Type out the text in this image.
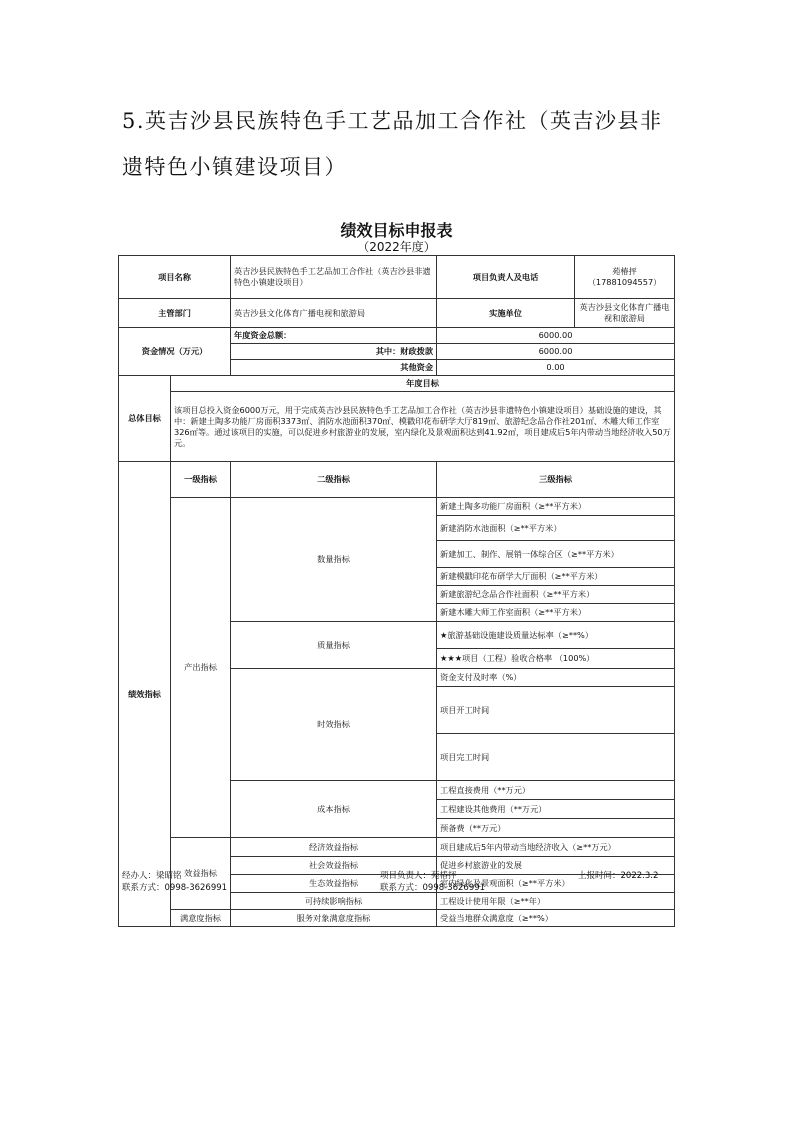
5.英吉沙县民族特色手工艺品加工合作社（英吉沙县非遗特色小镇建设项目）
绩效目标申报表
（2022年度）
项目名称		英吉沙县民族特色手工艺品加工合作社（英吉沙县非遗特色小镇建设项目）	项目负责人及电话	苑椿抨（17881094557）	
主管部门		英吉沙县文化体育广播电视和旅游局	实施单位	英吉沙县文化体育广播电视和旅游局	
资金情况（万元）		年度资金总额：	6000.00		
		其中：财政拨款	6000.00		
		其他资金	0.00		
总体目标	年度目标				
	该项目总投入资金6000万元，用于完成英吉沙县民族特色手工艺品加工合作社（英吉沙县非遗特色小镇建设项目）基础设施的建设，其中：新建土陶多功能厂房面积3373㎡、消防水池面积370㎡、模戳印花布研学大厅819㎡、旅游纪念品合作社201㎡、木雕大师工作室326㎡等。通过该项目的实施，可以促进乡村旅游业的发展，室内绿化及景观面积达到41.92㎡，项目建成后5年内带动当地经济收入50万元。				
绩效指标	一级指标	二级指标	三级指标	
	产出指标	数量指标	新建土陶多功能厂房面积（≥**平方米）	
			新建消防水池面积（≥**平方米）	
			新建加工、制作、展销一体综合区（≥**平方米）	
			新建模戳印花布研学大厅面积（≥**平方米）	
			新建旅游纪念品合作社面积（≥**平方米）	
			新建木雕大师工作室面积（≥**平方米）	
		质量指标	★旅游基础设施建设质量达标率（≥**%）	
			★★★项目（工程）验收合格率 （100%）	
		时效指标	资金支付及时率（%）	
			项目开工时间	
			项目完工时间	
		成本指标	工程直接费用（**万元）	
			工程建设其他费用（**万元）	
			预备费（**万元）	
	效益指标	经济效益指标	项目建成后5年内带动当地经济收入（≥**万元）	
		社会效益指标	促进乡村旅游业的发展	
		生态效益指标	室内绿化及景观面积（≥**平方米）	
		可持续影响指标	工程设计使用年限（≥**年）	
	满意度指标	服务对象满意度指标	受益当地群众满意度（≥**%）	
经办人：梁昭铭
联系方式：0998-3626991
项目负责人：苑椿抨
联系方式：0998-3626991
上报时间：2022.3.2
